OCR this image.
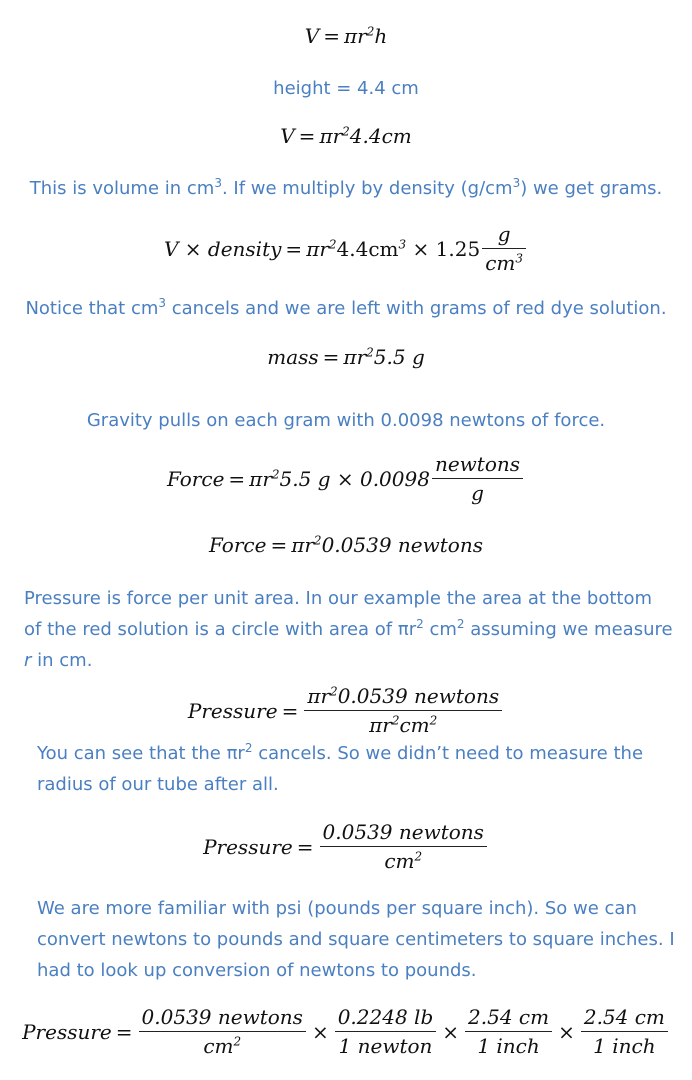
$V = \pi r^2h$
height = 4.4 cm
$V = \pi r^24.4cm$
This is volume in $cm^3$. If we multiply by density $(g/cm^3)$ we get grams.
V × density = $\pi r^24.4cm^3 \times 1.25 \frac{g}{cm^3}$
Notice that $cm^3$ cancels and we are left with grams of red dye solution.
mass = $\pi r^25.5$ g
Gravity pulls on each gram with 0.0098 newtons of force.
Force = $\pi r^25.5$ $g \times 0.0098 \frac{\text{newtons}}{g}$
Force = $\pi r^20.0539$ newtons
Pressure is force per unit area. In our example the area at the bottom
of the red solution is a circle with area of $\pi r^2$ $cm^2$ assuming we measure
r in cm.
Pressure = $\frac{\pi r^20.0539 newtons}{\pi r^2cm^2}$
You can see that the $\pi r^2$ cancels. So we didn’t need to measure the
radius of our tube after all.
Pressure = $\frac{\text{0.0539 newtons}}{cm^2}$
We are more familiar with psi (pounds per square inch). So we can
convert newtons to pounds and square centimeters to square inches. I
had to look up conversion of newtons to pounds.
Pressure = $\frac{\text{0.0539 newtons}}{cm^2} \times \frac{0.2248 lb}{\text{1 newton}} \times \frac{2.54 cm}{\text{1 inch}} \times \frac{2.54 cm}{\text{1 inch}}$
